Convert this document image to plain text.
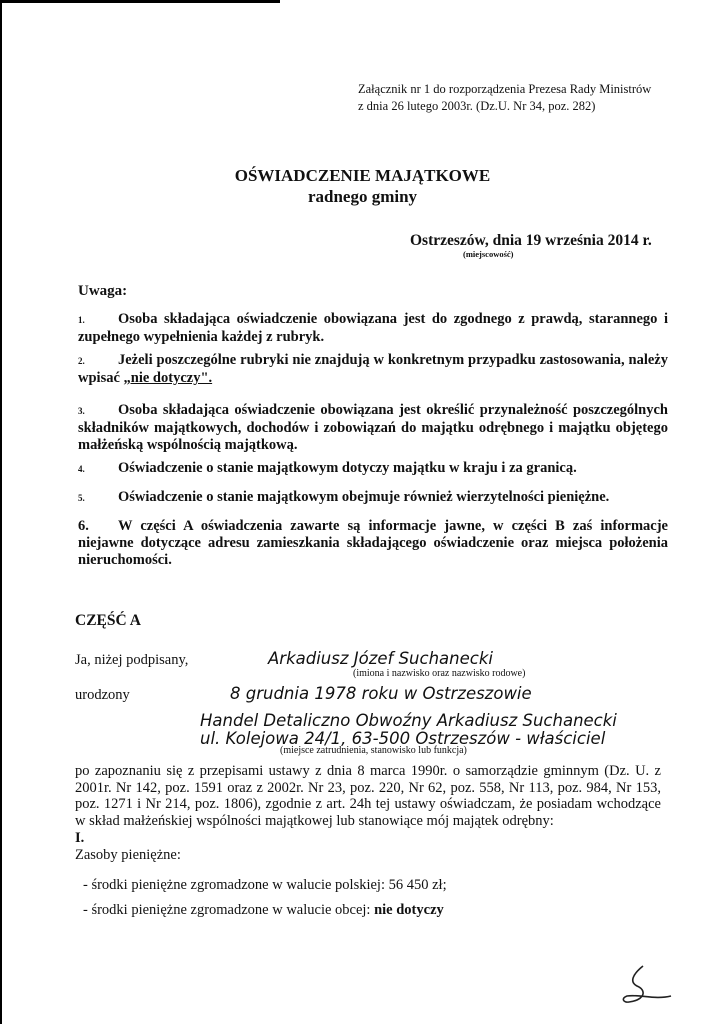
Załącznik nr 1 do rozporządzenia Prezesa Rady Ministrów
z dnia 26 lutego 2003r. (Dz.U. Nr 34, poz. 282)
OŚWIADCZENIE MAJĄTKOWE
radnego gminy
Ostrzeszów, dnia 19 września 2014 r.
(miejscowość)
Uwaga:
1. Osoba składająca oświadczenie obowiązana jest do zgodnego z prawdą, starannego i zupełnego wypełnienia każdej z rubryk.
2. Jeżeli poszczególne rubryki nie znajdują w konkretnym przypadku zastosowania, należy wpisać „nie dotyczy".
3. Osoba składająca oświadczenie obowiązana jest określić przynależność poszczególnych składników majątkowych, dochodów i zobowiązań do majątku odrębnego i majątku objętego małżeńską wspólnością majątkową.
4. Oświadczenie o stanie majątkowym dotyczy majątku w kraju i za granicą.
5. Oświadczenie o stanie majątkowym obejmuje również wierzytelności pieniężne.
6. W części A oświadczenia zawarte są informacje jawne, w części B zaś informacje niejawne dotyczące adresu zamieszkania składającego oświadczenie oraz miejsca położenia nieruchomości.
CZĘŚĆ A
Ja, niżej podpisany,	Arkadiusz Józef Suchanecki
(imiona i nazwisko oraz nazwisko rodowe)
urodzony	8 grudnia 1978 roku w Ostrzeszowie
Handel Detaliczno Obwoźny Arkadiusz Suchanecki
ul. Kolejowa 24/1, 63-500 Ostrzeszów - właściciel
(miejsce zatrudnienia, stanowisko lub funkcja)
po zapoznaniu się z przepisami ustawy z dnia 8 marca 1990r. o samorządzie gminnym (Dz. U. z 2001r. Nr 142, poz. 1591 oraz z 2002r. Nr 23, poz. 220, Nr 62, poz. 558, Nr 113, poz. 984, Nr 153, poz. 1271 i Nr 214, poz. 1806), zgodnie z art. 24h tej ustawy oświadczam, że posiadam wchodzące w skład małżeńskiej wspólności majątkowej lub stanowiące mój majątek odrębny:
I.
Zasoby pieniężne:
- środki pieniężne zgromadzone w walucie polskiej: 56 450 zł;
- środki pieniężne zgromadzone w walucie obcej: nie dotyczy
